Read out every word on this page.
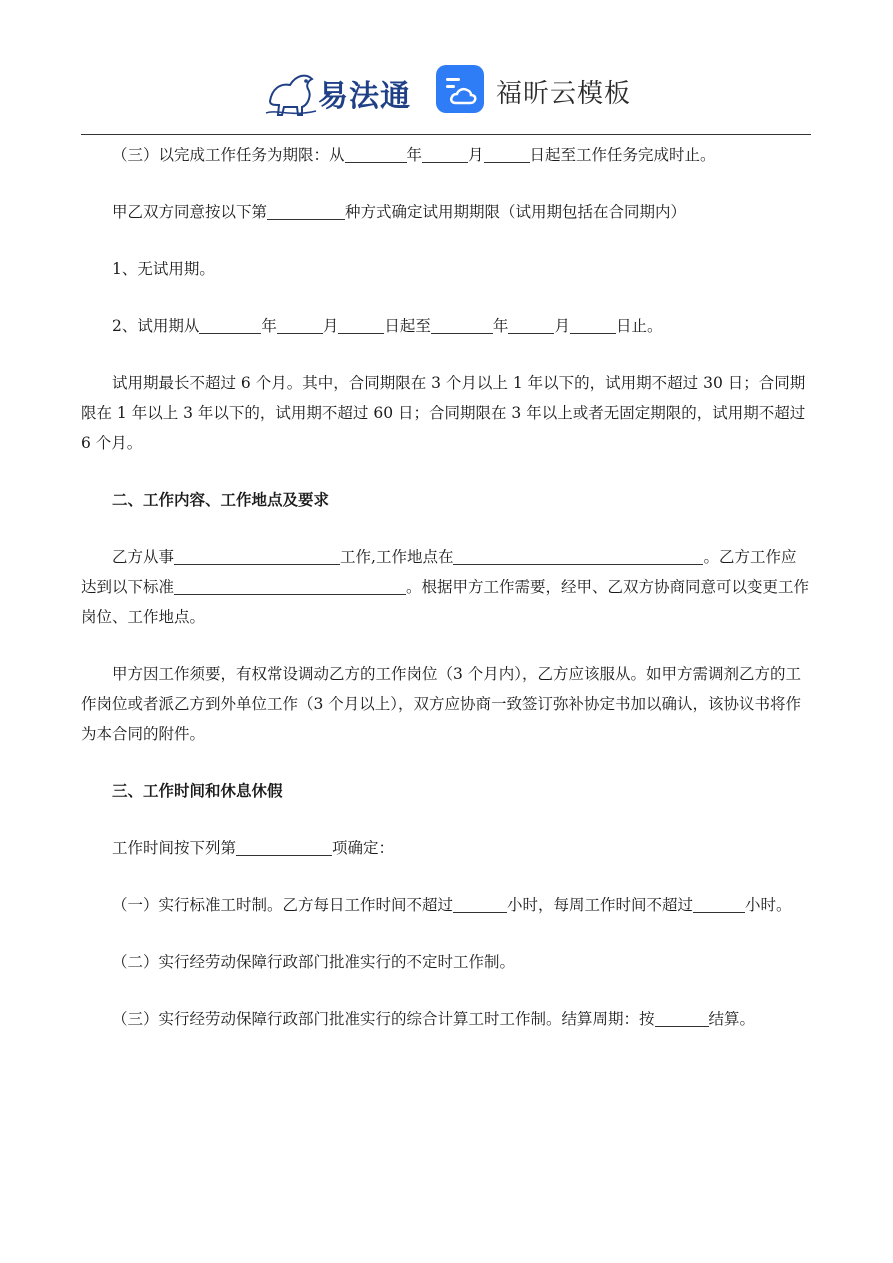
易法通	福昕云模板

（三）以完成工作任务为期限：从	年	月	日起至工作任务完成时止。

甲乙双方同意按以下第	种方式确定试用期期限（试用期包括在合同期内）

1、无试用期。

2、试用期从	年	月	日起至	年	月	日止。

试用期最长不超过 6 个月。其中，合同期限在 3 个月以上 1 年以下的，试用期不超过 30 日；合同期限在 1 年以上 3 年以下的，试用期不超过 60 日；合同期限在 3 年以上或者无固定期限的，试用期不超过 6 个月。

二、工作内容、工作地点及要求

乙方从事	工作,工作地点在	。乙方工作应达到以下标准	。根据甲方工作需要，经甲、乙双方协商同意可以变更工作岗位、工作地点。

甲方因工作须要，有权常设调动乙方的工作岗位（3 个月内），乙方应该服从。如甲方需调剂乙方的工作岗位或者派乙方到外单位工作（3 个月以上），双方应协商一致签订弥补协定书加以确认，该协议书将作为本合同的附件。

三、工作时间和休息休假

工作时间按下列第	项确定：

（一）实行标准工时制。乙方每日工作时间不超过	小时，每周工作时间不超过	小时。

（二）实行经劳动保障行政部门批准实行的不定时工作制。

（三）实行经劳动保障行政部门批准实行的综合计算工时工作制。结算周期：按	结算。
